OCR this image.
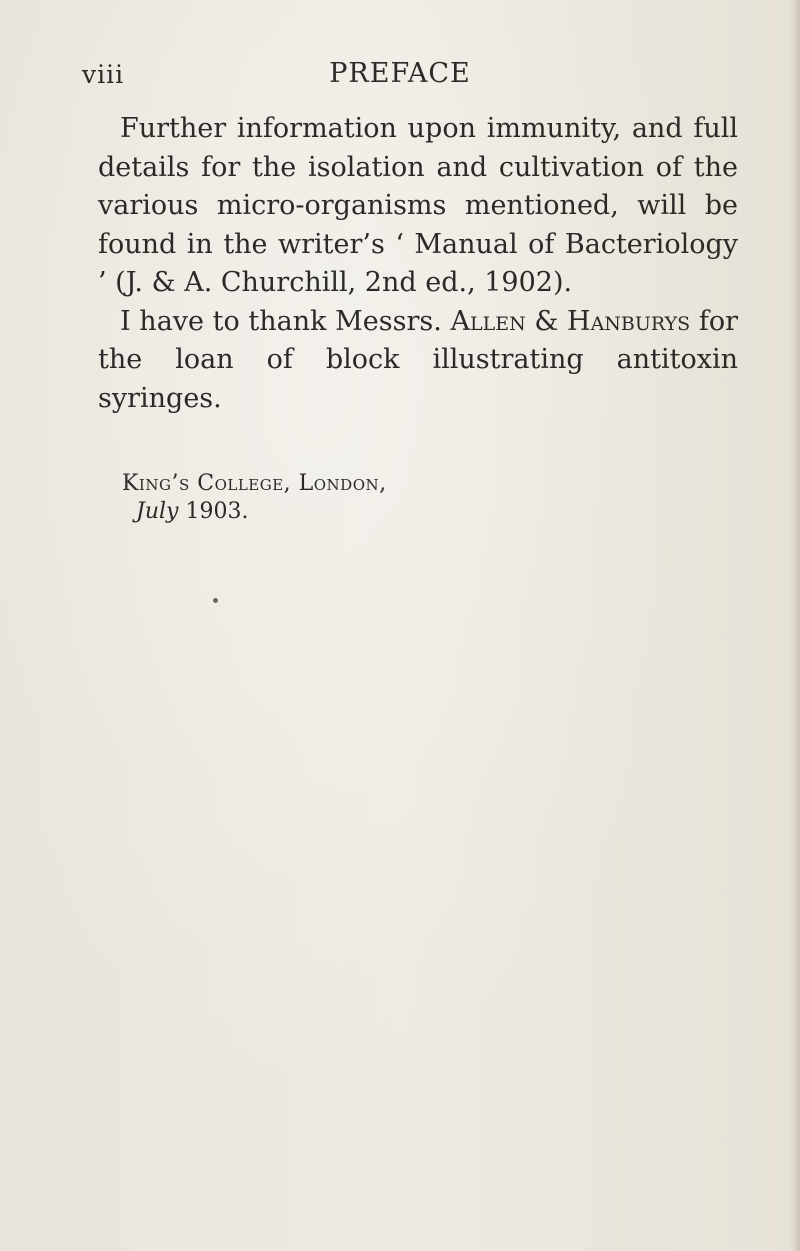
viii	PREFACE

Further information upon immunity, and full details for the isolation and cultivation of the various micro-organisms mentioned, will be found in the writer’s ‘ Manual of Bacteriology ’ (J. & A. Churchill, 2nd ed., 1902).

I have to thank Messrs. Allen & Hanburys for the loan of block illustrating antitoxin syringes.

King’s College, London,
July 1903.
